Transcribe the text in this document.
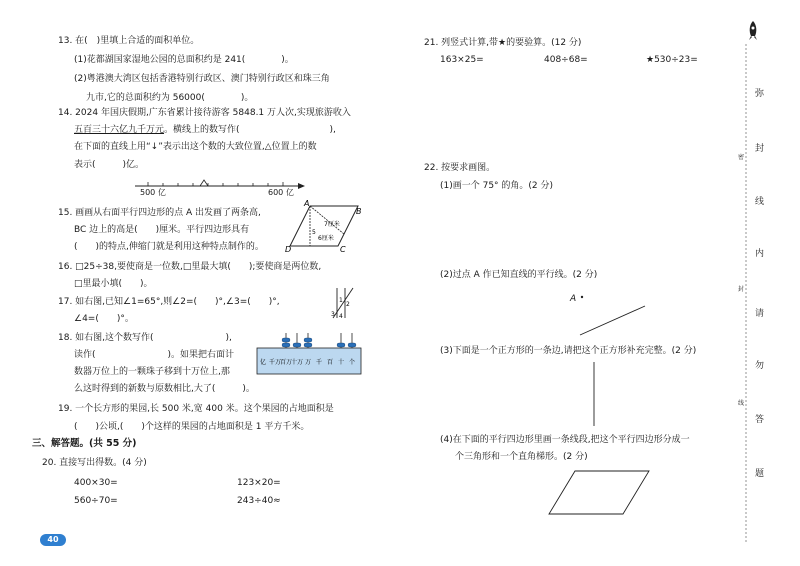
13. 在(　)里填上合适的面积单位。
(1)花都湖国家湿地公园的总面积约是 241(　　　　)。
(2)粤港澳大湾区包括香港特别行政区、澳门特别行政区和珠三角
九市,它的总面积约为 56000(　　　　)。
14. 2024 年国庆假期,广东省累计接待游客 5848.1 万人次,实现旅游收入
五百三十六亿九千万元。横线上的数写作(　　　　　　　　　　),
在下面的直线上用“↓”表示出这个数的大致位置,△位置上的数
表示(　　　)亿。
500 亿	600 亿
15. 画画从右面平行四边形的点 A 出发画了两条高,
BC 边上的高是(　　)厘米。平行四边形具有
(　　)的特点,伸缩门就是利用这种特点制作的。
A
B
C
D
5
6厘米
7厘米
16. □25÷38,要使商是一位数,□里最大填(　　);要使商是两位数,
□里最小填(　　)。
17. 如右图,已知∠1=65°,则∠2=(　　)°,∠3=(　　)°,
∠4=(　　)°。
1
2
3 4
18. 如右图,这个数写作(　　　　　　　　),
读作(　　　　　　　　)。如果把右面计
数器万位上的一颗珠子移到十万位上,那
么这时得到的新数与原数相比,大了(　　　)。
亿 千万
百万
十万 万 千 百 十 个
19. 一个长方形的果园,长 500 米,宽 400 米。这个果园的占地面积是
(　　)公顷,(　　)个这样的果园的占地面积是 1 平方千米。
三、解答题。(共 55 分)
20. 直接写出得数。(4 分)
400×30=	123×20=
560÷70=	243÷40≈
40
21. 列竖式计算,带★的要验算。(12 分)
163×25=	408÷68=	★530÷23=
22. 按要求画图。
(1)画一个 75° 的角。(2 分)
(2)过点 A 作已知直线的平行线。(2 分)
A
(3)下面是一个正方形的一条边,请把这个正方形补充完整。(2 分)
(4)在下面的平行四边形里画一条线段,把这个平行四边形分成一
个三角形和一个直角梯形。(2 分)
密
封
线
弥
封
线
内
请
勿
答
题
